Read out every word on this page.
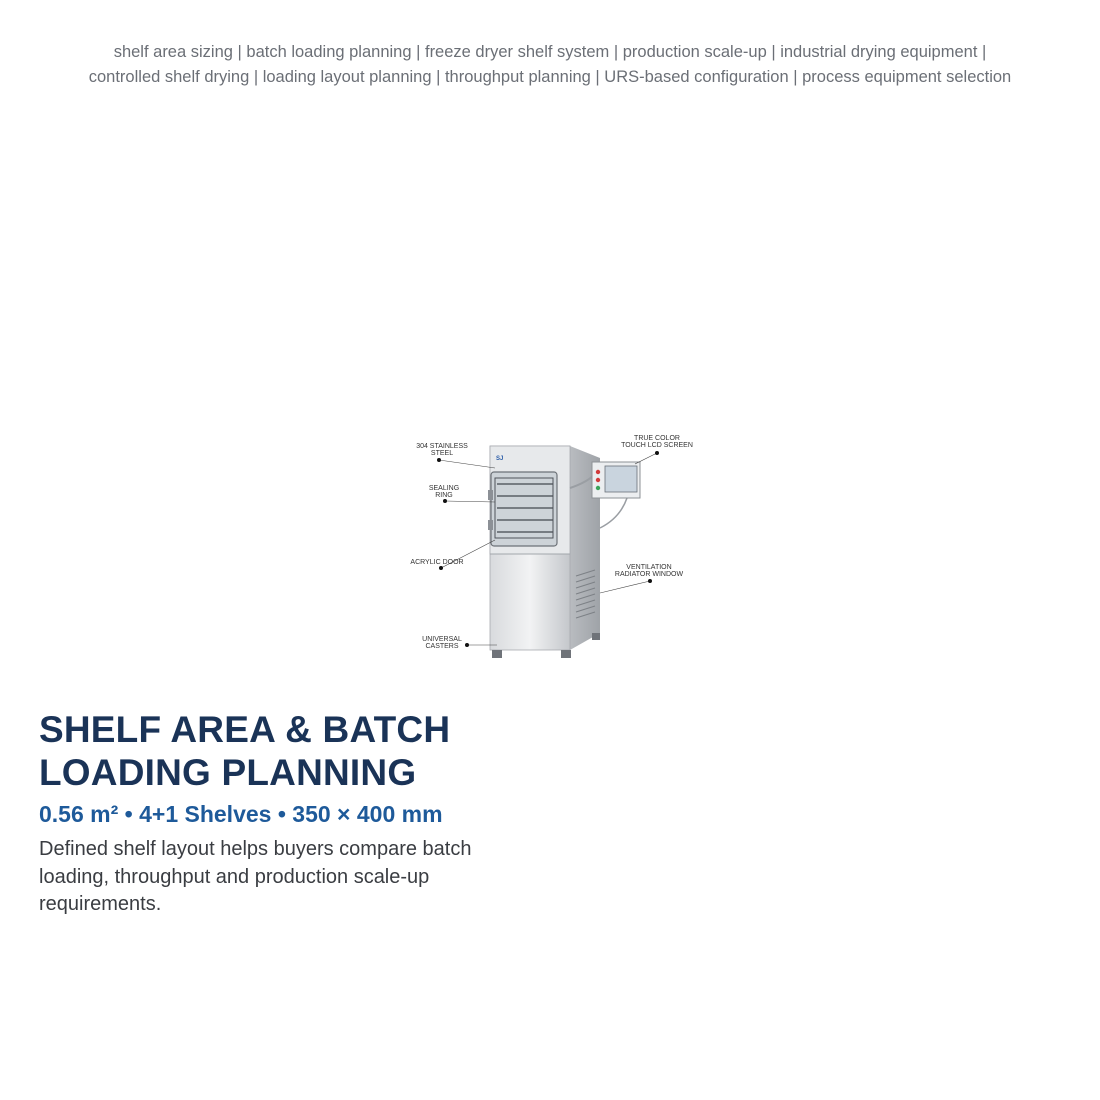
shelf area sizing | batch loading planning | freeze dryer shelf system | production scale-up | industrial drying equipment |
controlled shelf drying | loading layout planning | throughput planning | URS-based configuration | process equipment selection
SJ
304 STAINLESS
STEEL
SEALING
RING
ACRYLIC DOOR
UNIVERSAL
CASTERS
TRUE COLOR
TOUCH LCD SCREEN
VENTILATION
RADIATOR WINDOW
SHELF AREA & BATCH
LOADING PLANNING
0.56 m² • 4+1 Shelves • 350 × 400 mm
Defined shelf layout helps buyers compare batch loading, throughput and production scale-up requirements.
